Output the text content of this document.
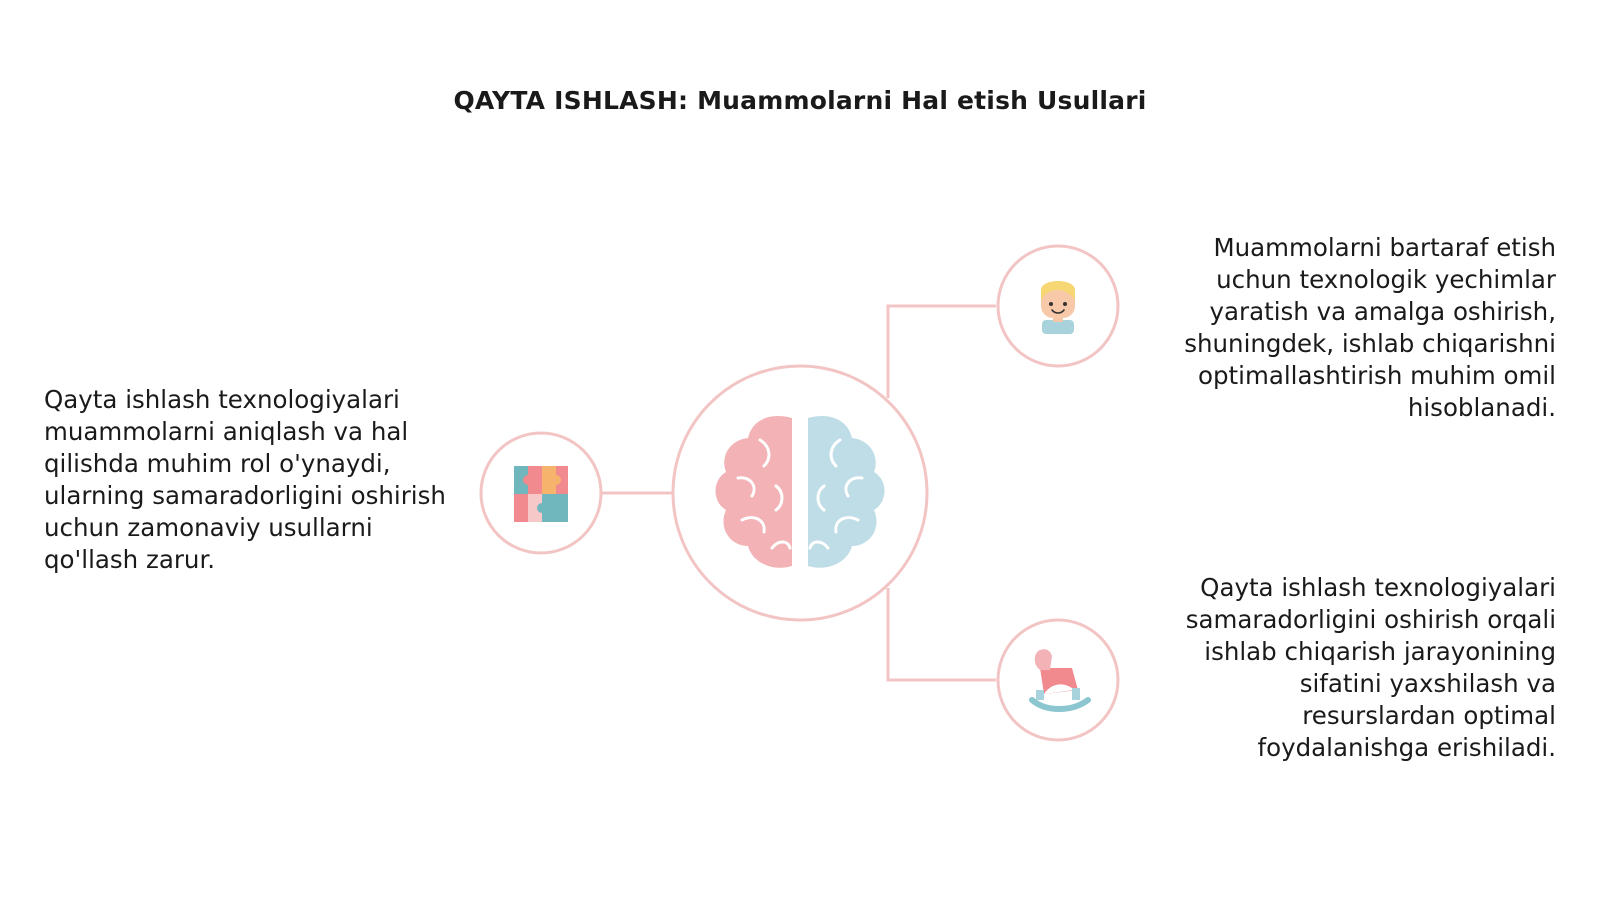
QAYTA ISHLASH: Muammolarni Hal etish Usullari

Qayta ishlash texnologiyalari muammolarni aniqlash va hal qilishda muhim rol o'ynaydi, ularning samaradorligini oshirish uchun zamonaviy usullarni qo'llash zarur.

Muammolarni bartaraf etish uchun texnologik yechimlar yaratish va amalga oshirish, shuningdek, ishlab chiqarishni optimallashtirish muhim omil hisoblanadi.

Qayta ishlash texnologiyalari samaradorligini oshirish orqali ishlab chiqarish jarayonining sifatini yaxshilash va resurslardan optimal foydalanishga erishiladi.
